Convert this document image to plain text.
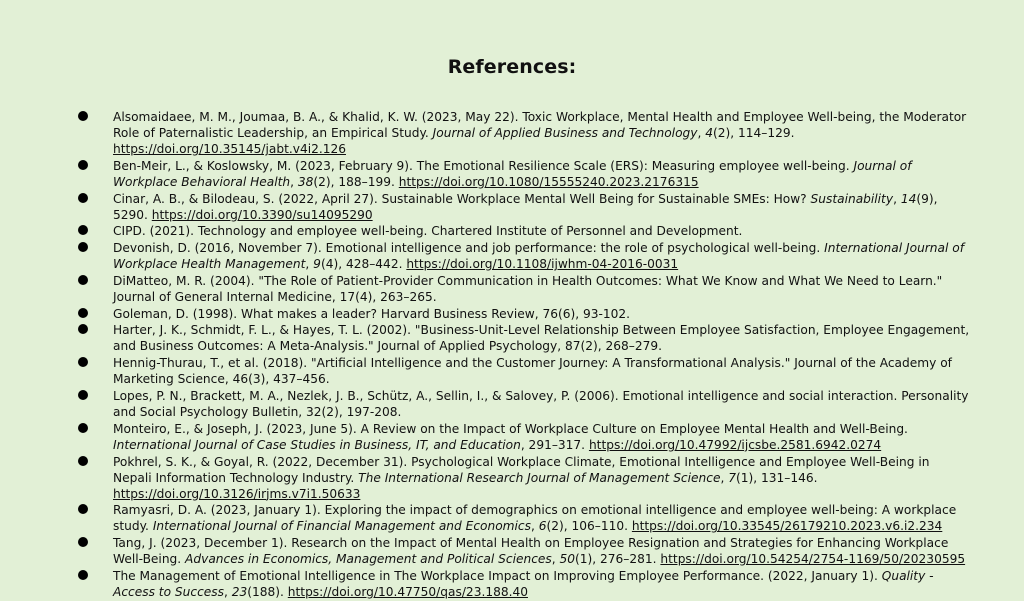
References:
Alsomaidaee, M. M., Joumaa, B. A., & Khalid, K. W. (2023, May 22). Toxic Workplace, Mental Health and Employee Well-being, the Moderator Role of Paternalistic Leadership, an Empirical Study. Journal of Applied Business and Technology, 4(2), 114–129. https://doi.org/10.35145/jabt.v4i2.126
Ben-Meir, L., & Koslowsky, M. (2023, February 9). The Emotional Resilience Scale (ERS): Measuring employee well-being. Journal of Workplace Behavioral Health, 38(2), 188–199. https://doi.org/10.1080/15555240.2023.2176315
Cinar, A. B., & Bilodeau, S. (2022, April 27). Sustainable Workplace Mental Well Being for Sustainable SMEs: How? Sustainability, 14(9), 5290. https://doi.org/10.3390/su14095290
CIPD. (2021). Technology and employee well-being. Chartered Institute of Personnel and Development.
Devonish, D. (2016, November 7). Emotional intelligence and job performance: the role of psychological well-being. International Journal of Workplace Health Management, 9(4), 428–442. https://doi.org/10.1108/ijwhm-04-2016-0031
DiMatteo, M. R. (2004). "The Role of Patient-Provider Communication in Health Outcomes: What We Know and What We Need to Learn." Journal of General Internal Medicine, 17(4), 263–265.
Goleman, D. (1998). What makes a leader? Harvard Business Review, 76(6), 93-102.
Harter, J. K., Schmidt, F. L., & Hayes, T. L. (2002). "Business-Unit-Level Relationship Between Employee Satisfaction, Employee Engagement, and Business Outcomes: A Meta-Analysis." Journal of Applied Psychology, 87(2), 268–279.
Hennig-Thurau, T., et al. (2018). "Artificial Intelligence and the Customer Journey: A Transformational Analysis." Journal of the Academy of Marketing Science, 46(3), 437–456.
Lopes, P. N., Brackett, M. A., Nezlek, J. B., Schütz, A., Sellin, I., & Salovey, P. (2006). Emotional intelligence and social interaction. Personality and Social Psychology Bulletin, 32(2), 197-208.
Monteiro, E., & Joseph, J. (2023, June 5). A Review on the Impact of Workplace Culture on Employee Mental Health and Well-Being. International Journal of Case Studies in Business, IT, and Education, 291–317. https://doi.org/10.47992/ijcsbe.2581.6942.0274
Pokhrel, S. K., & Goyal, R. (2022, December 31). Psychological Workplace Climate, Emotional Intelligence and Employee Well-Being in Nepali Information Technology Industry. The International Research Journal of Management Science, 7(1), 131–146. https://doi.org/10.3126/irjms.v7i1.50633
Ramyasri, D. A. (2023, January 1). Exploring the impact of demographics on emotional intelligence and employee well-being: A workplace study. International Journal of Financial Management and Economics, 6(2), 106–110. https://doi.org/10.33545/26179210.2023.v6.i2.234
Tang, J. (2023, December 1). Research on the Impact of Mental Health on Employee Resignation and Strategies for Enhancing Workplace Well-Being. Advances in Economics, Management and Political Sciences, 50(1), 276–281. https://doi.org/10.54254/2754-1169/50/20230595
The Management of Emotional Intelligence in The Workplace Impact on Improving Employee Performance. (2022, January 1). Quality - Access to Success, 23(188). https://doi.org/10.47750/qas/23.188.40
